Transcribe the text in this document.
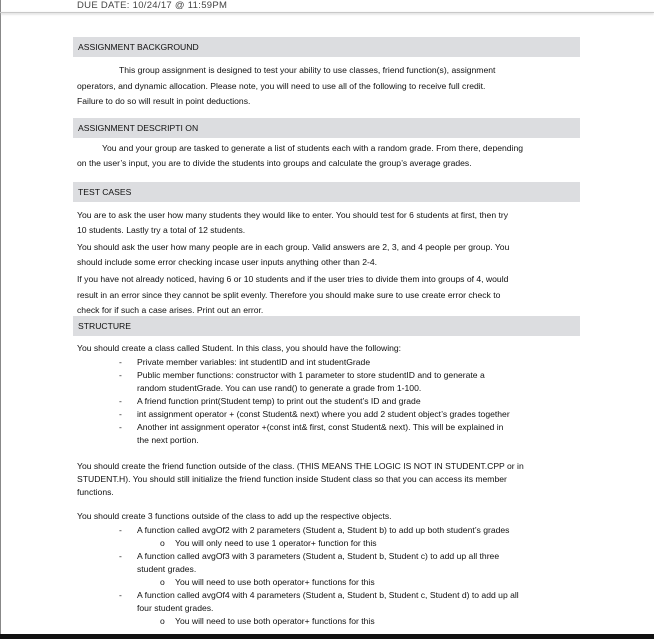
DUE DATE: 10/24/17 @ 11:59PM
ASSIGNMENT BACKGROUND
This group assignment is designed to test your ability to use classes, friend function(s), assignment
operators, and dynamic allocation. Please note, you will need to use all of the following to receive full credit.
Failure to do so will result in point deductions.
ASSIGNMENT DESCRIPTI ON
You and your group are tasked to generate a list of students each with a random grade. From there, depending
on the user’s input, you are to divide the students into groups and calculate the group’s average grades.
TEST CASES
You are to ask the user how many students they would like to enter. You should test for 6 students at first, then try
10 students. Lastly try a total of 12 students.
You should ask the user how many people are in each group. Valid answers are 2, 3, and 4 people per group. You
should include some error checking incase user inputs anything other than 2-4.
If you have not already noticed, having 6 or 10 students and if the user tries to divide them into groups of 4, would
result in an error since they cannot be split evenly. Therefore you should make sure to use create error check to
check for if such a case arises. Print out an error.
STRUCTURE
You should create a class called Student. In this class, you should have the following:
- Private member variables: int studentID and int studentGrade
- Public member functions: constructor with 1 parameter to store studentID and to generate a
random studentGrade. You can use rand() to generate a grade from 1-100.
- A friend function print(Student temp) to print out the student’s ID and grade
- int assignment operator + (const Student& next) where you add 2 student object’s grades together
- Another int assignment operator +(const int& first, const Student& next). This will be explained in
the next portion.
You should create the friend function outside of the class. (THIS MEANS THE LOGIC IS NOT IN STUDENT.CPP or in
STUDENT.H). You should still initialize the friend function inside Student class so that you can access its member
functions.
You should create 3 functions outside of the class to add up the respective objects.
- A function called avgOf2 with 2 parameters (Student a, Student b) to add up both student’s grades
o You will only need to use 1 operator+ function for this
- A function called avgOf3 with 3 parameters (Student a, Student b, Student c) to add up all three
student grades.
o You will need to use both operator+ functions for this
- A function called avgOf4 with 4 parameters (Student a, Student b, Student c, Student d) to add up all
four student grades.
o You will need to use both operator+ functions for this
